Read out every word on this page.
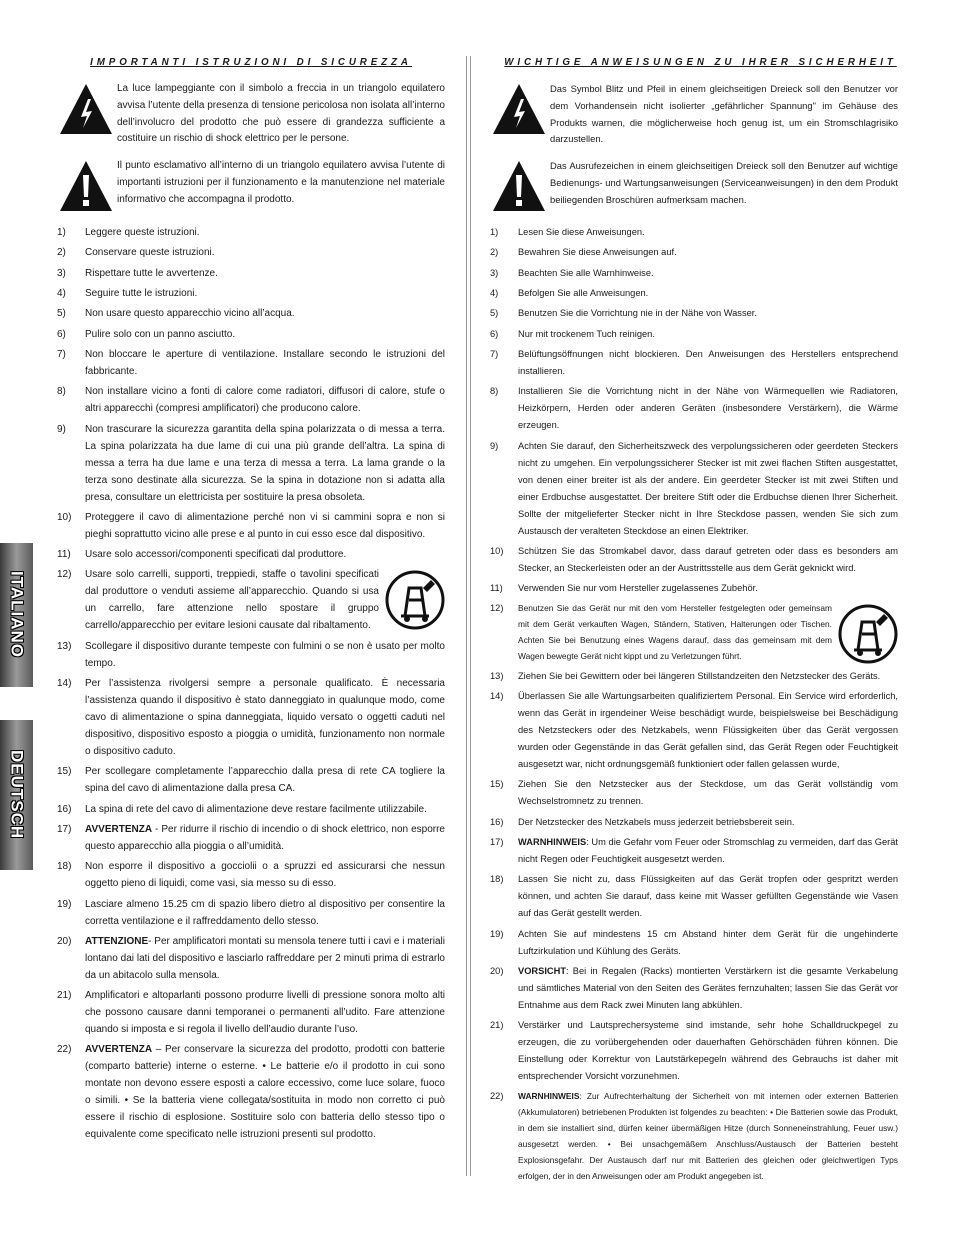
ITALIANO
DEUTSCH
IMPORTANTI ISTRUZIONI DI SICUREZZA
La luce lampeggiante con il simbolo a freccia in un triangolo equilatero avvisa l’utente della presenza di tensione pericolosa non isolata all’interno dell’involucro del prodotto che può essere di grandezza sufficiente a costituire un rischio di shock elettrico per le persone.
Il punto esclamativo all’interno di un triangolo equilatero avvisa l’utente di importanti istruzioni per il funzionamento e la manutenzione nel materiale informativo che accompagna il prodotto.
1)	Leggere queste istruzioni.
2)	Conservare queste istruzioni.
3)	Rispettare tutte le avvertenze.
4)	Seguire tutte le istruzioni.
5)	Non usare questo apparecchio vicino all’acqua.
6)	Pulire solo con un panno asciutto.
7)	Non bloccare le aperture di ventilazione. Installare secondo le istruzioni del fabbricante.
8)	Non installare vicino a fonti di calore come radiatori, diffusori di calore, stufe o altri apparecchi (compresi amplificatori) che producono calore.
9)	Non trascurare la sicurezza garantita della spina polarizzata o di messa a terra. La spina polarizzata ha due lame di cui una più grande dell’altra. La spina di messa a terra ha due lame e una terza di messa a terra. La lama grande o la terza sono destinate alla sicurezza. Se la spina in dotazione non si adatta alla presa, consultare un elettricista per sostituire la presa obsoleta.
10)	Proteggere il cavo di alimentazione perché non vi si cammini sopra e non si pieghi soprattutto vicino alle prese e al punto in cui esso esce dal dispositivo.
11)	Usare solo accessori/componenti specificati dal produttore.
12)	Usare solo carrelli, supporti, treppiedi, staffe o tavolini specificati dal produttore o venduti assieme all’apparecchio. Quando si usa un carrello, fare attenzione nello spostare il gruppo carrello/apparecchio per evitare lesioni causate dal ribaltamento.
13)	Scollegare il dispositivo durante tempeste con fulmini o se non è usato per molto tempo.
14)	Per l’assistenza rivolgersi sempre a personale qualificato. È necessaria l’assistenza quando il dispositivo è stato danneggiato in qualunque modo, come cavo di alimentazione o spina danneggiata, liquido versato o oggetti caduti nel dispositivo, dispositivo esposto a pioggia o umidità, funzionamento non normale o dispositivo caduto.
15)	Per scollegare completamente l’apparecchio dalla presa di rete CA togliere la spina del cavo di alimentazione dalla presa CA.
16)	La spina di rete del cavo di alimentazione deve restare facilmente utilizzabile.
17)	AVVERTENZA - Per ridurre il rischio di incendio o di shock elettrico, non esporre questo apparecchio alla pioggia o all’umidità.
18)	Non esporre il dispositivo a gocciolii o a spruzzi ed assicurarsi che nessun oggetto pieno di liquidi, come vasi, sia messo su di esso.
19)	Lasciare almeno 15.25 cm di spazio libero dietro al dispositivo per consentire la corretta ventilazione e il raffreddamento dello stesso.
20)	ATTENZIONE- Per amplificatori montati su mensola tenere tutti i cavi e i materiali lontano dai lati del dispositivo e lasciarlo raffreddare per 2 minuti prima di estrarlo da un abitacolo sulla mensola.
21)	Amplificatori e altoparlanti possono produrre livelli di pressione sonora molto alti che possono causare danni temporanei o permanenti all’udito. Fare attenzione quando si imposta e si regola il livello dell’audio durante l’uso.
22)	AVVERTENZA – Per conservare la sicurezza del prodotto, prodotti con batterie (comparto batterie) interne o esterne. • Le batterie e/o il prodotto in cui sono montate non devono essere esposti a calore eccessivo, come luce solare, fuoco o simili. • Se la batteria viene collegata/sostituita in modo non corretto ci può essere il rischio di esplosione. Sostituire solo con batteria dello stesso tipo o equivalente come specificato nelle istruzioni presenti sul prodotto.
WICHTIGE ANWEISUNGEN ZU IHRER SICHERHEIT
Das Symbol Blitz und Pfeil in einem gleichseitigen Dreieck soll den Benutzer vor dem Vorhandensein nicht isolierter „gefährlicher Spannung" im Gehäuse des Produkts warnen, die möglicherweise hoch genug ist, um ein Stromschlagrisiko darzustellen.
Das Ausrufezeichen in einem gleichseitigen Dreieck soll den Benutzer auf wichtige Bedienungs- und Wartungsanweisungen (Serviceanweisungen) in den dem Produkt beiliegenden Broschüren aufmerksam machen.
1)	Lesen Sie diese Anweisungen.
2)	Bewahren Sie diese Anweisungen auf.
3)	Beachten Sie alle Warnhinweise.
4)	Befolgen Sie alle Anweisungen.
5)	Benutzen Sie die Vorrichtung nie in der Nähe von Wasser.
6)	Nur mit trockenem Tuch reinigen.
7)	Belüftungsöffnungen nicht blockieren. Den Anweisungen des Herstellers entsprechend installieren.
8)	Installieren Sie die Vorrichtung nicht in der Nähe von Wärmequellen wie Radiatoren, Heizkörpern, Herden oder anderen Geräten (insbesondere Verstärkern), die Wärme erzeugen.
9)	Achten Sie darauf, den Sicherheitszweck des verpolungssicheren oder geerdeten Steckers nicht zu umgehen. Ein verpolungssicherer Stecker ist mit zwei flachen Stiften ausgestattet, von denen einer breiter ist als der andere. Ein geerdeter Stecker ist mit zwei Stiften und einer Erdbuchse ausgestattet. Der breitere Stift oder die Erdbuchse dienen Ihrer Sicherheit. Sollte der mitgelieferter Stecker nicht in Ihre Steckdose passen, wenden Sie sich zum Austausch der veralteten Steckdose an einen Elektriker.
10)	Schützen Sie das Stromkabel davor, dass darauf getreten oder dass es besonders am Stecker, an Steckerleisten oder an der Austrittsstelle aus dem Gerät geknickt wird.
11)	Verwenden Sie nur vom Hersteller zugelassenes Zubehör.
12)	Benutzen Sie das Gerät nur mit den vom Hersteller festgelegten oder gemeinsam mit dem Gerät verkauften Wagen, Ständern, Stativen, Halterungen oder Tischen. Achten Sie bei Benutzung eines Wagens darauf, dass das gemeinsam mit dem Wagen bewegte Gerät nicht kippt und zu Verletzungen führt.
13)	Ziehen Sie bei Gewittern oder bei längeren Stillstandzeiten den Netzstecker des Geräts.
14)	Überlassen Sie alle Wartungsarbeiten qualifiziertem Personal. Ein Service wird erforderlich, wenn das Gerät in irgendeiner Weise beschädigt wurde, beispielsweise bei Beschädigung des Netzsteckers oder des Netzkabels, wenn Flüssigkeiten über das Gerät vergossen wurden oder Gegenstände in das Gerät gefallen sind, das Gerät Regen oder Feuchtigkeit ausgesetzt war, nicht ordnungsgemäß funktioniert oder fallen gelassen wurde,
15)	Ziehen Sie den Netzstecker aus der Steckdose, um das Gerät vollständig vom Wechselstromnetz zu trennen.
16)	Der Netzstecker des Netzkabels muss jederzeit betriebsbereit sein.
17)	WARNHINWEIS: Um die Gefahr vom Feuer oder Stromschlag zu vermeiden, darf das Gerät nicht Regen oder Feuchtigkeit ausgesetzt werden.
18)	Lassen Sie nicht zu, dass Flüssigkeiten auf das Gerät tropfen oder gespritzt werden können, und achten Sie darauf, dass keine mit Wasser gefüllten Gegenstände wie Vasen auf das Gerät gestellt werden.
19)	Achten Sie auf mindestens 15 cm Abstand hinter dem Gerät für die ungehinderte Luftzirkulation und Kühlung des Geräts.
20)	VORSICHT: Bei in Regalen (Racks) montierten Verstärkern ist die gesamte Verkabelung und sämtliches Material von den Seiten des Gerätes fernzuhalten; lassen Sie das Gerät vor Entnahme aus dem Rack zwei Minuten lang abkühlen.
21)	Verstärker und Lautsprechersysteme sind imstande, sehr hohe Schalldruckpegel zu erzeugen, die zu vorübergehenden oder dauerhaften Gehörschäden führen können. Die Einstellung oder Korrektur von Lautstärkepegeln während des Gebrauchs ist daher mit entsprechender Vorsicht vorzunehmen.
22)	WARNHINWEIS: Zur Aufrechterhaltung der Sicherheit von mit internen oder externen Batterien (Akkumulatoren) betriebenen Produkten ist folgendes zu beachten: • Die Batterien sowie das Produkt, in dem sie installiert sind, dürfen keiner übermäßigen Hitze (durch Sonneneinstrahlung, Feuer usw.) ausgesetzt werden. • Bei unsachgemäßem Anschluss/Austausch der Batterien besteht Explosionsgefahr. Der Austausch darf nur mit Batterien des gleichen oder gleichwertigen Typs erfolgen, der in den Anweisungen oder am Produkt angegeben ist.
